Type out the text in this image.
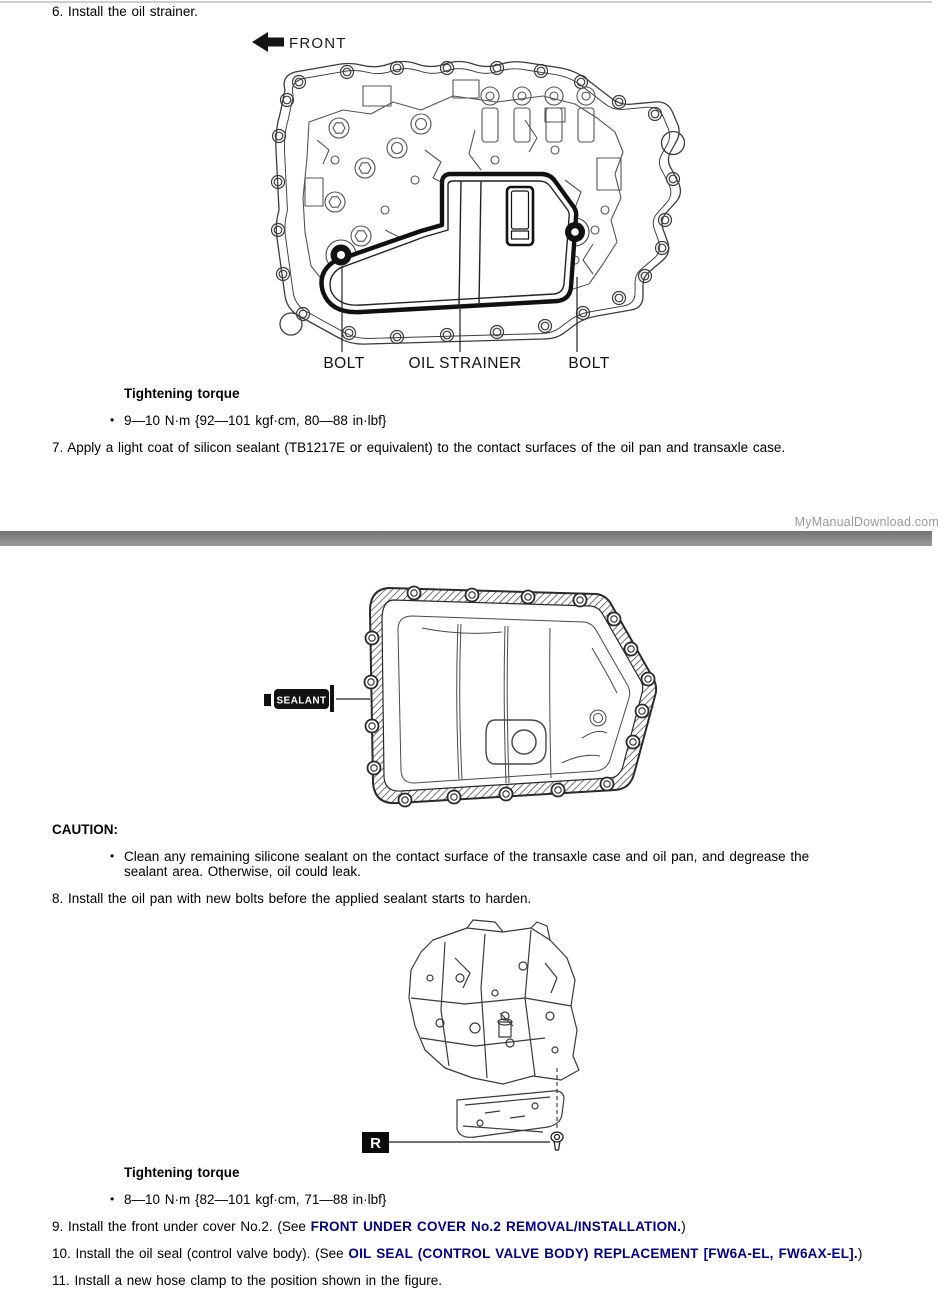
6. Install the oil strainer.
FRONT
BOLT	OIL STRAINER	BOLT
Tightening torque
• 9—10 N·m {92—101 kgf·cm, 80—88 in·lbf}
7. Apply a light coat of silicon sealant (TB1217E or equivalent) to the contact surfaces of the oil pan and transaxle case.
MyManualDownload.com
SEALANT
CAUTION:
• Clean any remaining silicone sealant on the contact surface of the transaxle case and oil pan, and degrease the sealant area. Otherwise, oil could leak.
8. Install the oil pan with new bolts before the applied sealant starts to harden.
R
Tightening torque
• 8—10 N·m {82—101 kgf·cm, 71—88 in·lbf}
9. Install the front under cover No.2. (See FRONT UNDER COVER No.2 REMOVAL/INSTALLATION.)
10. Install the oil seal (control valve body). (See OIL SEAL (CONTROL VALVE BODY) REPLACEMENT [FW6A-EL, FW6AX-EL].)
11. Install a new hose clamp to the position shown in the figure.
